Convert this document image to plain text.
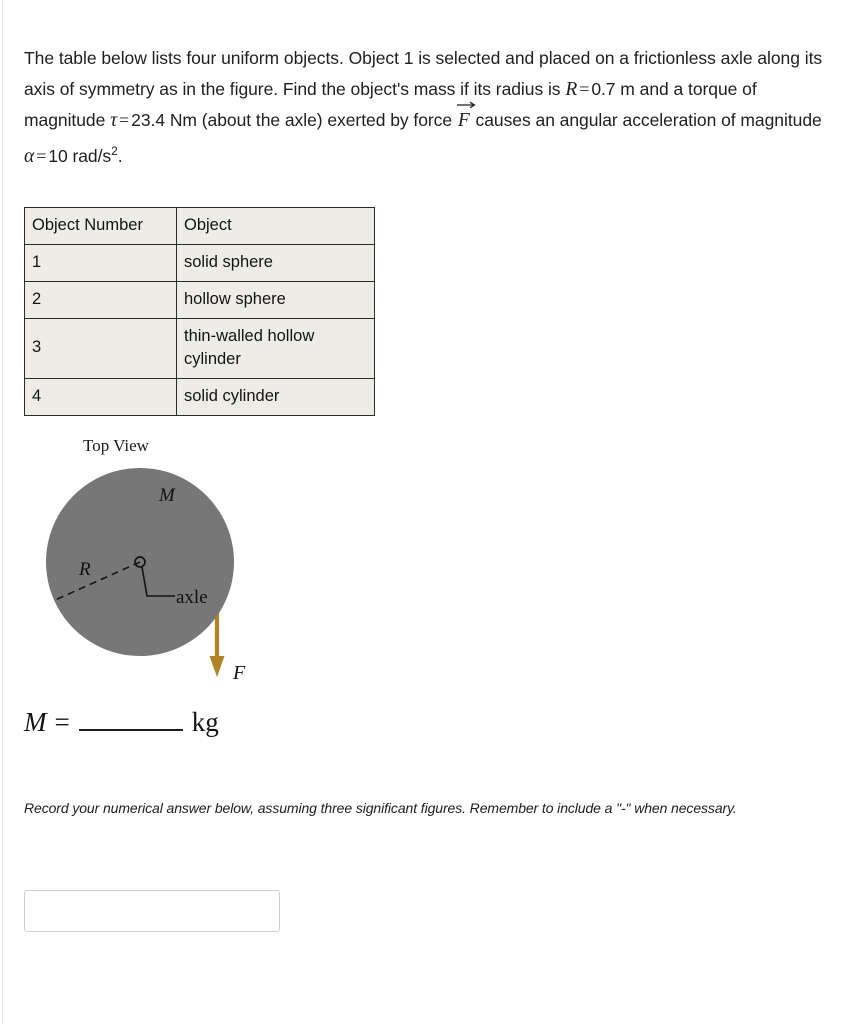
The table below lists four uniform objects. Object 1 is selected and placed on a frictionless axle along its axis of symmetry as in the figure. Find the object's mass if its radius is R = 0.7 m and a torque of magnitude τ = 23.4 Nm (about the axle) exerted by force
F causes an angular acceleration of magnitude α = 10 rad/$s^2$.

Object Number	Object
1	solid sphere
2	hollow sphere
3	thin-walled hollow cylinder
4	solid cylinder
Top View
M
R
axle
F
M =	kg
Record your numerical answer below, assuming three significant figures. Remember to include a "-" when necessary.
